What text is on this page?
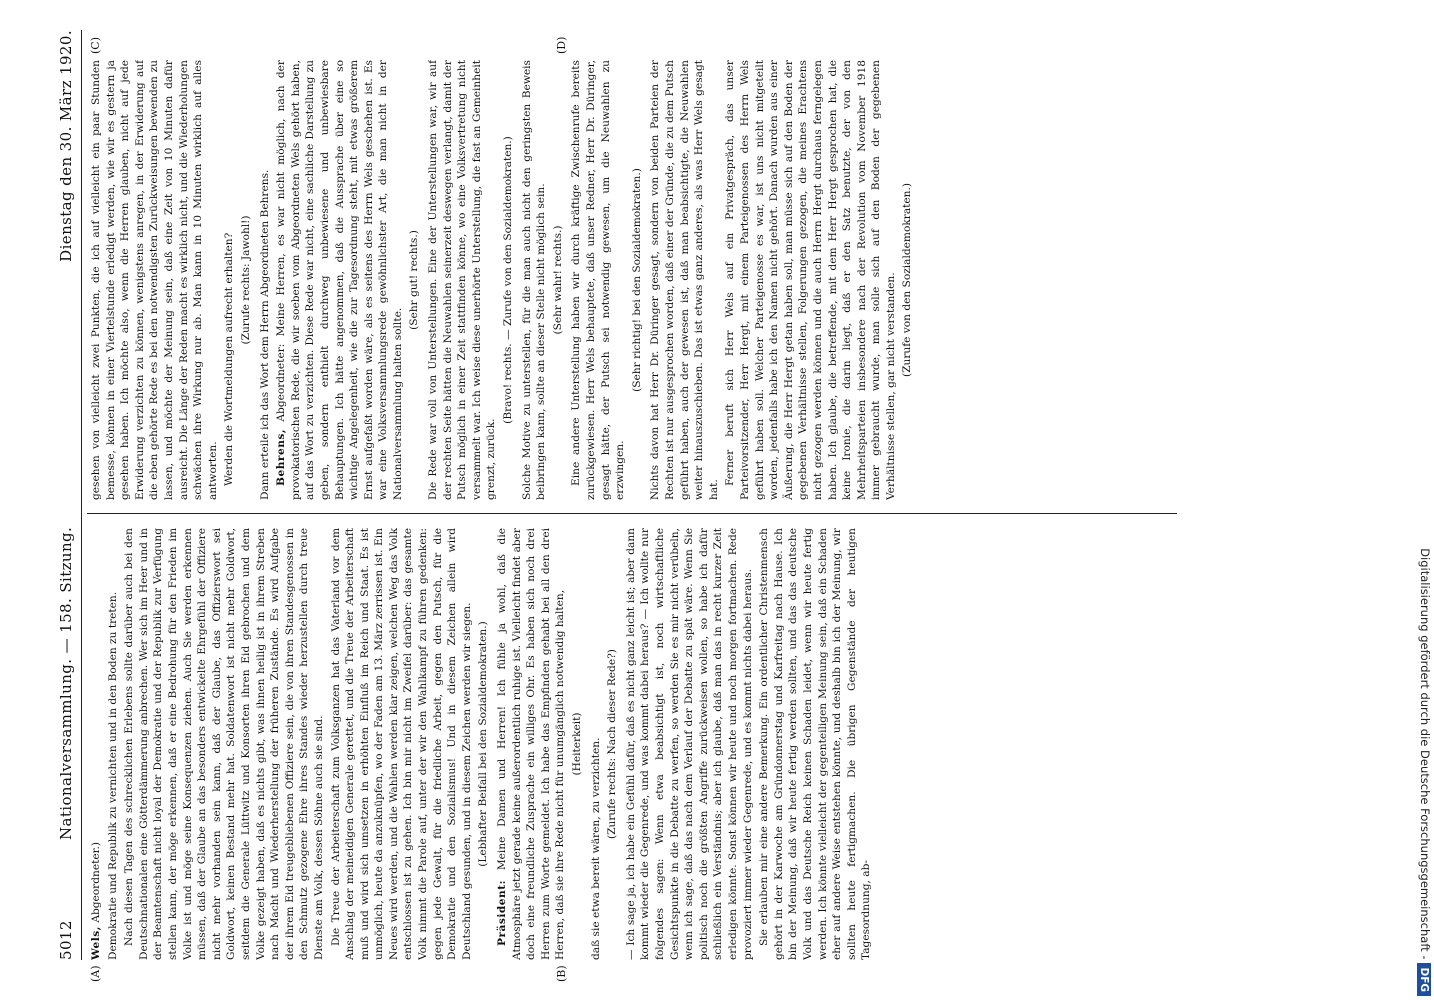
5012
Nationalversammlung. — 158. Sitzung.
Dienstag den 30. März 1920.
(A)	(B)
(C)	(D)

Wels, Abgeordneter.) Demokratie und Republik zu vernichten und in den Boden zu treten. Nach diesen Tagen des schrecklichen Erlebens sollte darüber auch bei den Deutschnationalen eine Götterdämmerung anbrechen. Wer sich im Heer und in der Beamtenschaft nicht loyal der Demokratie und der Republik zur Verfügung stellen kann, der möge erkennen, daß er eine Bedrohung für den Frieden im Volke ist und möge seine Konsequenzen ziehen. Auch Sie werden erkennen müssen, daß der Glaube an das besonders entwickelte Ehrgefühl der Offiziere nicht mehr vorhanden sein kann, daß der Glaube, das Offizierswort sei Goldwort, keinen Bestand mehr hat. Soldatenwort ist nicht mehr Goldwort, seitdem die Generale Lüttwitz und Konsorten ihren Eid gebrochen und dem Volke gezeigt haben, daß es nichts gibt, was ihnen heilig ist in ihrem Streben nach Macht und Wiederherstellung der früheren Zustände. Es wird Aufgabe der ihrem Eid treugebliebenen Offiziere sein, die von ihren Standesgenossen in den Schmutz gezogene Ehre ihres Standes wieder herzustellen durch treue Dienste am Volk, dessen Söhne auch sie sind. Die Treue der Arbeiterschaft zum Volksganzen hat das Vaterland vor dem Anschlag der meineidigen Generale gerettet, und die Treue der Arbeiterschaft muß und wird sich umsetzen in erhöhten Einfluß im Reich und Staat. Es ist unmöglich, heute da anzuknüpfen, wo der Faden am 13. März zerrissen ist. Ein Neues wird werden, und die Wahlen werden klar zeigen, welchen Weg das Volk entschlossen ist zu gehen. Ich bin mir nicht im Zweifel darüber: das gesamte Volk nimmt die Parole auf, unter der wir den Wahlkampf zu führen gedenken: gegen jede Gewalt, für die friedliche Arbeit, gegen den Putsch, für die Demokratie und den Sozialismus! Und in diesem Zeichen allein wird Deutschland gesunden, und in diesem Zeichen werden wir siegen. (Lebhafter Beifall bei den Sozialdemokraten.)

Präsident: Meine Damen und Herren! Ich fühle ja wohl, daß die Atmosphäre jetzt gerade keine außerordentlich ruhige ist. Vielleicht findet aber doch eine freundliche Zusprache ein williges Ohr. Es haben sich noch drei Herren zum Worte gemeldet. Ich habe das Empfinden gehabt bei all den drei Herren, daß sie ihre Rede nicht für unumgänglich notwendig halten, (Heiterkeit) daß sie etwa bereit wären, zu verzichten. (Zurufe rechts: Nach dieser Rede?) — Ich sage ja, ich habe ein Gefühl dafür, daß es nicht ganz leicht ist; aber dann kommt wieder die Gegenrede, und was kommt dabei heraus? — Ich wollte nur folgendes sagen: Wenn etwa beabsichtigt ist, noch wirtschaftliche Gesichtspunkte in die Debatte zu werfen, so werden Sie es mir nicht verübeln, wenn ich sage, daß das nach dem Verlauf der Debatte zu spät wäre. Wenn Sie politisch noch die größten Angriffe zurückweisen wollen, so habe ich dafür schließlich ein Verständnis; aber ich glaube, daß man das in recht kurzer Zeit erledigen könnte. Sonst können wir heute und noch morgen fortmachen. Rede provoziert immer wieder Gegenrede, und es kommt nichts dabei heraus. Sie erlauben mir eine andere Bemerkung. Ein ordentlicher Christenmensch gehört in der Karwoche am Gründonnerstag und Karfreitag nach Hause. Ich bin der Meinung, daß wir heute fertig werden sollten, und das das deutsche Volk und das Deutsche Reich keinen Schaden leidet, wenn wir heute fertig werden. Ich könnte vielleicht der gegenteiligen Meinung sein, daß ein Schaden eher auf andere Weise entstehen könnte, und deshalb bin ich der Meinung, wir sollten heute fertigmachen. Die übrigen Gegenstände der heutigen Tagesordnung, ab-

gesehen von vielleicht zwei Punkten, die ich auf vielleicht ein paar Stunden bemesse, können in einer Viertelstunde erledigt werden, wie wir es gestern ja gesehen haben. Ich möchte also, wenn die Herren glauben, nicht auf jede Erwiderung verzichten zu können, wenigstens anregen, in der Erwiderung auf die eben gehörte Rede es bei den notwendigsten Zurückweisungen bewenden zu lassen, und möchte der Meinung sein, daß eine Zeit von 10 Minuten dafür ausreicht. Die Länge der Reden macht es wirklich nicht, und die Wiederholungen schwächen ihre Wirkung nur ab. Man kann in 10 Minuten wirklich auf alles antworten. Werden die Wortmeldungen aufrecht erhalten? (Zurufe rechts: Jawohl!) Dann erteile ich das Wort dem Herrn Abgeordneten Behrens. Behrens, Abgeordneter: Meine Herren, es war nicht möglich, nach der provokatorischen Rede, die wir soeben vom Abgeordneten Wels gehört haben, auf das Wort zu verzichten. Diese Rede war nicht, eine sachliche Darstellung zu geben, sondern enthielt durchweg unbewiesene und unbewiesbare Behauptungen. Ich hätte angenommen, daß die Aussprache über eine so wichtige Angelegenheit, wie die zur Tagesordnung steht, mit etwas größerem Ernst aufgefaßt worden wäre, als es seitens des Herrn Wels geschehen ist. Es war eine Volksversammlungsrede gewöhnlichster Art, die man nicht in der Nationalversammlung halten sollte.

(Sehr gut! rechts.) Die Rede war voll von Unterstellungen. Eine der Unterstellungen war, wir auf der rechten Seite hätten die Neuwahlen seinerzeit deswegen verlangt, damit der Putsch möglich in einer Zeit stattfinden könne, wo eine Volksvertretung nicht versammelt war. Ich weise diese unerhörte Unterstellung, die fast an Gemeinheit grenzt, zurück.

(Bravo! rechts. — Zurufe von den Sozialdemokraten.) Solche Motive zu unterstellen, für die man auch nicht den geringsten Beweis beibringen kann, sollte an dieser Stelle nicht möglich sein. (Sehr wahr! rechts.) Eine andere Unterstellung haben wir durch kräftige Zwischenrufe bereits zurückgewiesen. Herr Wels behauptete, daß unser Redner, Herr Dr. Düringer, gesagt hätte, der Putsch sei notwendig gewesen, um die Neuwahlen zu erzwingen.

(Sehr richtig! bei den Sozialdemokraten.) Nichts davon hat Herr Dr. Düringer gesagt, sondern von beiden Parteien der Rechten ist nur ausgesprochen worden, daß einer der Gründe, die zu dem Putsch geführt haben, auch der gewesen ist, daß man beabsichtigte, die Neuwahlen weiter hinauszuschieben. Das ist etwas ganz anderes, als was Herr Wels gesagt hat.

Ferner beruft sich Herr Wels auf ein Privatgespräch, das unser Parteivorsitzender, Herr Hergt, mit einem Parteigenossen des Herrn Wels geführt haben soll. Welcher Parteigenosse es war, ist uns nicht mitgeteilt worden, jedenfalls habe ich den Namen nicht gehört. Danach wurden aus einer Äußerung, die Herr Hergt getan haben soll, man müsse sich auf den Boden der gegebenen Verhältnisse stellen, Folgerungen gezogen, die meines Erachtens nicht gezogen werden können und die auch Herrn Hergt durchaus ferngelegen haben. Ich glaube, die betreffende, mit dem Herr Hergt gesprochen hat, die keine Ironie, die darin liegt, daß er den Satz benutzte, der von den Mehrheitsparteien insbesondere nach der Revolution vom November 1918 immer gebraucht wurde, man solle sich auf den Boden der gegebenen Verhältnisse stellen, gar nicht verstanden. (Zurufe von den Sozialdemokraten.)

Digitalisierung gefördert durch die Deutsche Forschungsgemeinschaft -DFG
